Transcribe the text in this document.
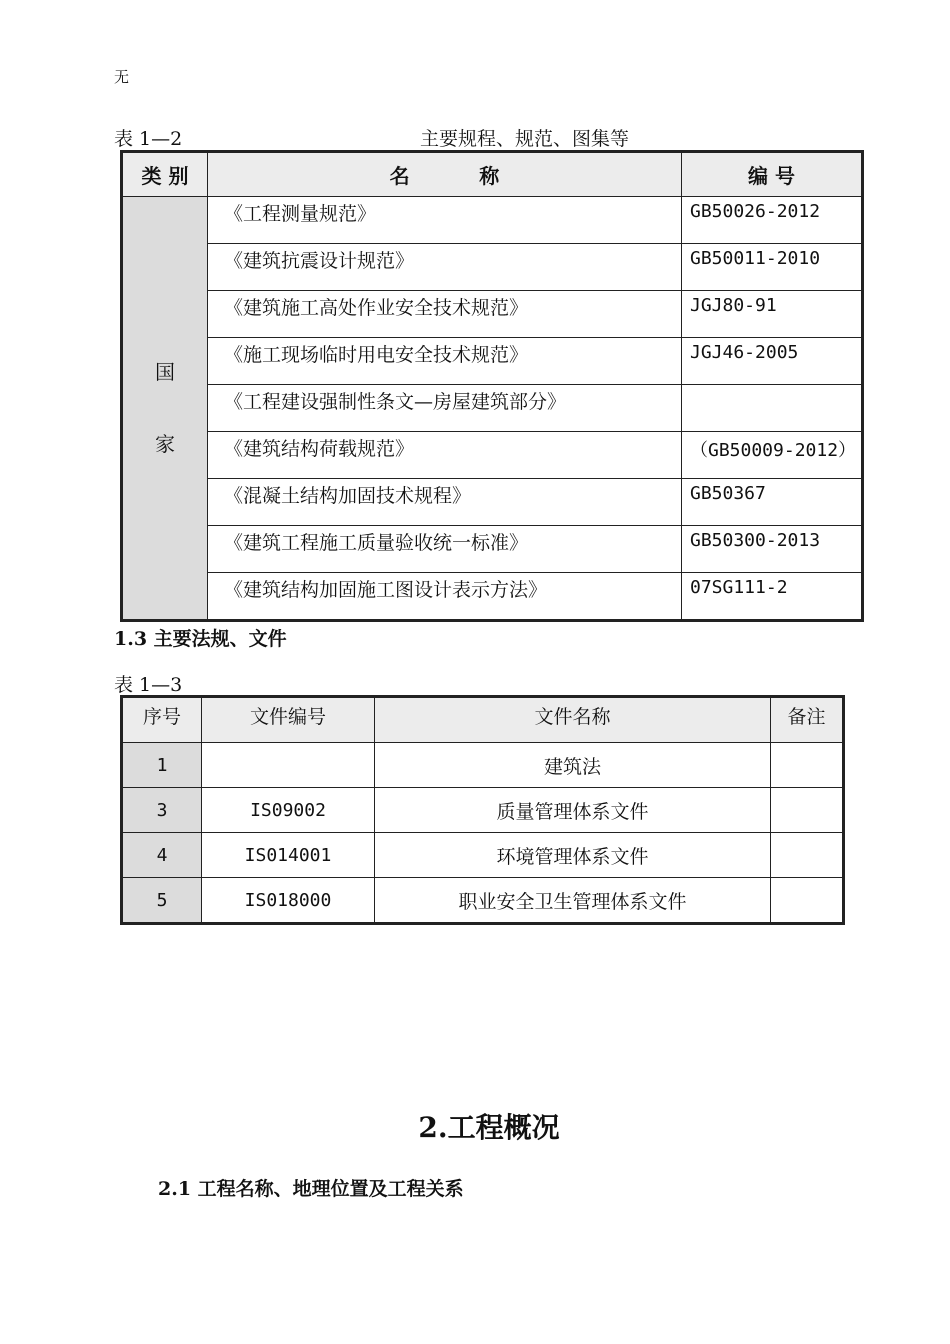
无
表 1—2	主要规程、规范、图集等
类 别	名          称	编 号

国
家	《工程测量规范》	GB50026-2012
	《建筑抗震设计规范》	GB50011-2010
	《建筑施工高处作业安全技术规范》	JGJ80-91
	《施工现场临时用电安全技术规范》	JGJ46-2005
	《工程建设强制性条文—房屋建筑部分》	
	《建筑结构荷载规范》	（GB50009-2012）
	《混凝土结构加固技术规程》	GB50367
	《建筑工程施工质量验收统一标准》	GB50300-2013
	《建筑结构加固施工图设计表示方法》	07SG111-2
1.3 主要法规、文件
表 1—3
序号	文件编号	文件名称	备注
1		建筑法	
3	IS09002	质量管理体系文件	
4	IS014001	环境管理体系文件	
5	IS018000	职业安全卫生管理体系文件	
2.工程概况
2.1 工程名称、地理位置及工程关系
